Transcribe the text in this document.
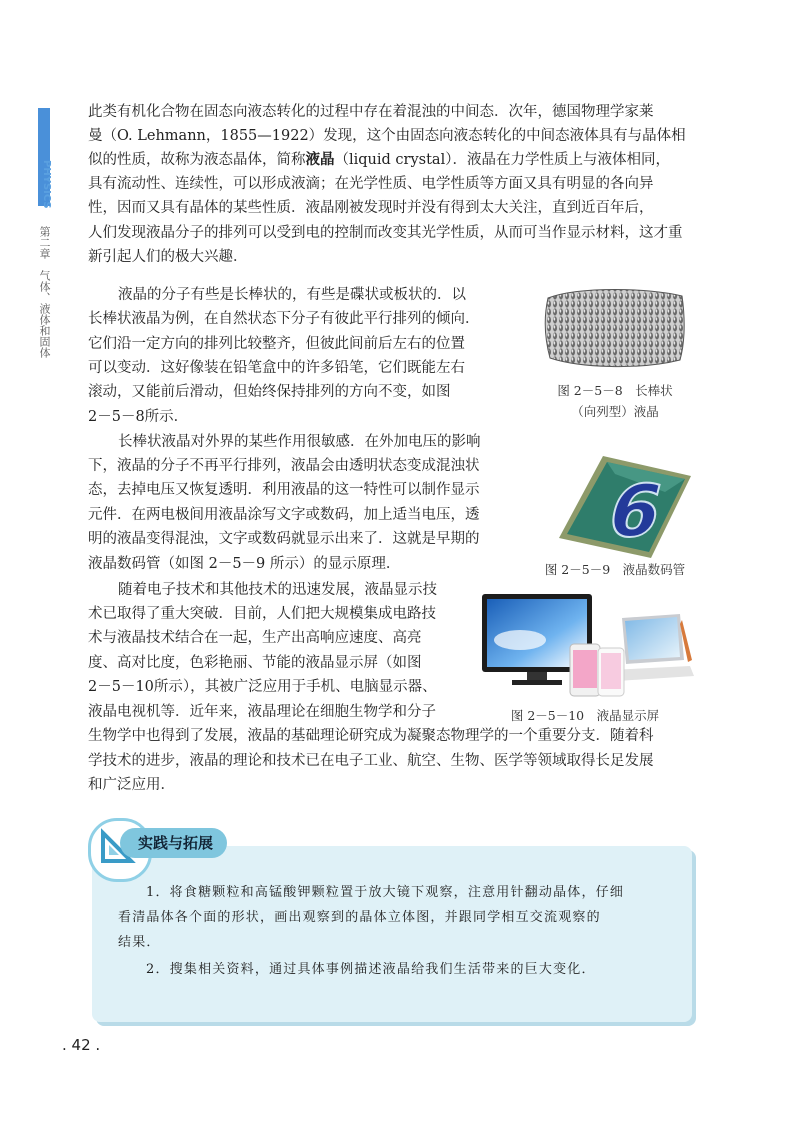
PHYSICS
第二章　气体、液体和固体

此类有机化合物在固态向液态转化的过程中存在着混浊的中间态．次年，德国物理学家莱

曼（O. Lehmann，1855—1922）发现，这个由固态向液态转化的中间态液体具有与晶体相

似的性质，故称为液态晶体，简称液晶（liquid crystal）．液晶在力学性质上与液体相同，

具有流动性、连续性，可以形成液滴；在光学性质、电学性质等方面又具有明显的各向异

性，因而又具有晶体的某些性质．液晶刚被发现时并没有得到太大关注，直到近百年后，

人们发现液晶分子的排列可以受到电的控制而改变其光学性质，从而可当作显示材料，这才重

新引起人们的极大兴趣．

液晶的分子有些是长棒状的，有些是碟状或板状的．以

长棒状液晶为例，在自然状态下分子有彼此平行排列的倾向．

它们沿一定方向的排列比较整齐，但彼此间前后左右的位置

可以变动．这好像装在铅笔盒中的许多铅笔，它们既能左右

滚动，又能前后滑动，但始终保持排列的方向不变，如图

2－5－8所示．

图 2－5－8　长棒状
（向列型）液晶

长棒状液晶对外界的某些作用很敏感．在外加电压的影响

下，液晶的分子不再平行排列，液晶会由透明状态变成混浊状

态，去掉电压又恢复透明．利用液晶的这一特性可以制作显示

元件．在两电极间用液晶涂写文字或数码，加上适当电压，透

明的液晶变得混浊，文字或数码就显示出来了．这就是早期的

液晶数码管（如图 2－5－9 所示）的显示原理．

6
图 2－5－9　液晶数码管

随着电子技术和其他技术的迅速发展，液晶显示技

术已取得了重大突破．目前，人们把大规模集成电路技

术与液晶技术结合在一起，生产出高响应速度、高亮

度、高对比度，色彩艳丽、节能的液晶显示屏（如图

2－5－10所示），其被广泛应用于手机、电脑显示器、

液晶电视机等．近年来，液晶理论在细胞生物学和分子

生物学中也得到了发展，液晶的基础理论研究成为凝聚态物理学的一个重要分支．随着科

学技术的进步，液晶的理论和技术已在电子工业、航空、生物、医学等领域取得长足发展

和广泛应用．

图 2－5－10　液晶显示屏
实践与拓展
1．将食糖颗粒和高锰酸钾颗粒置于放大镜下观察，注意用针翻动晶体，仔细
看清晶体各个面的形状，画出观察到的晶体立体图，并跟同学相互交流观察的
结果．
2．搜集相关资料，通过具体事例描述液晶给我们生活带来的巨大变化．
. 42 .
